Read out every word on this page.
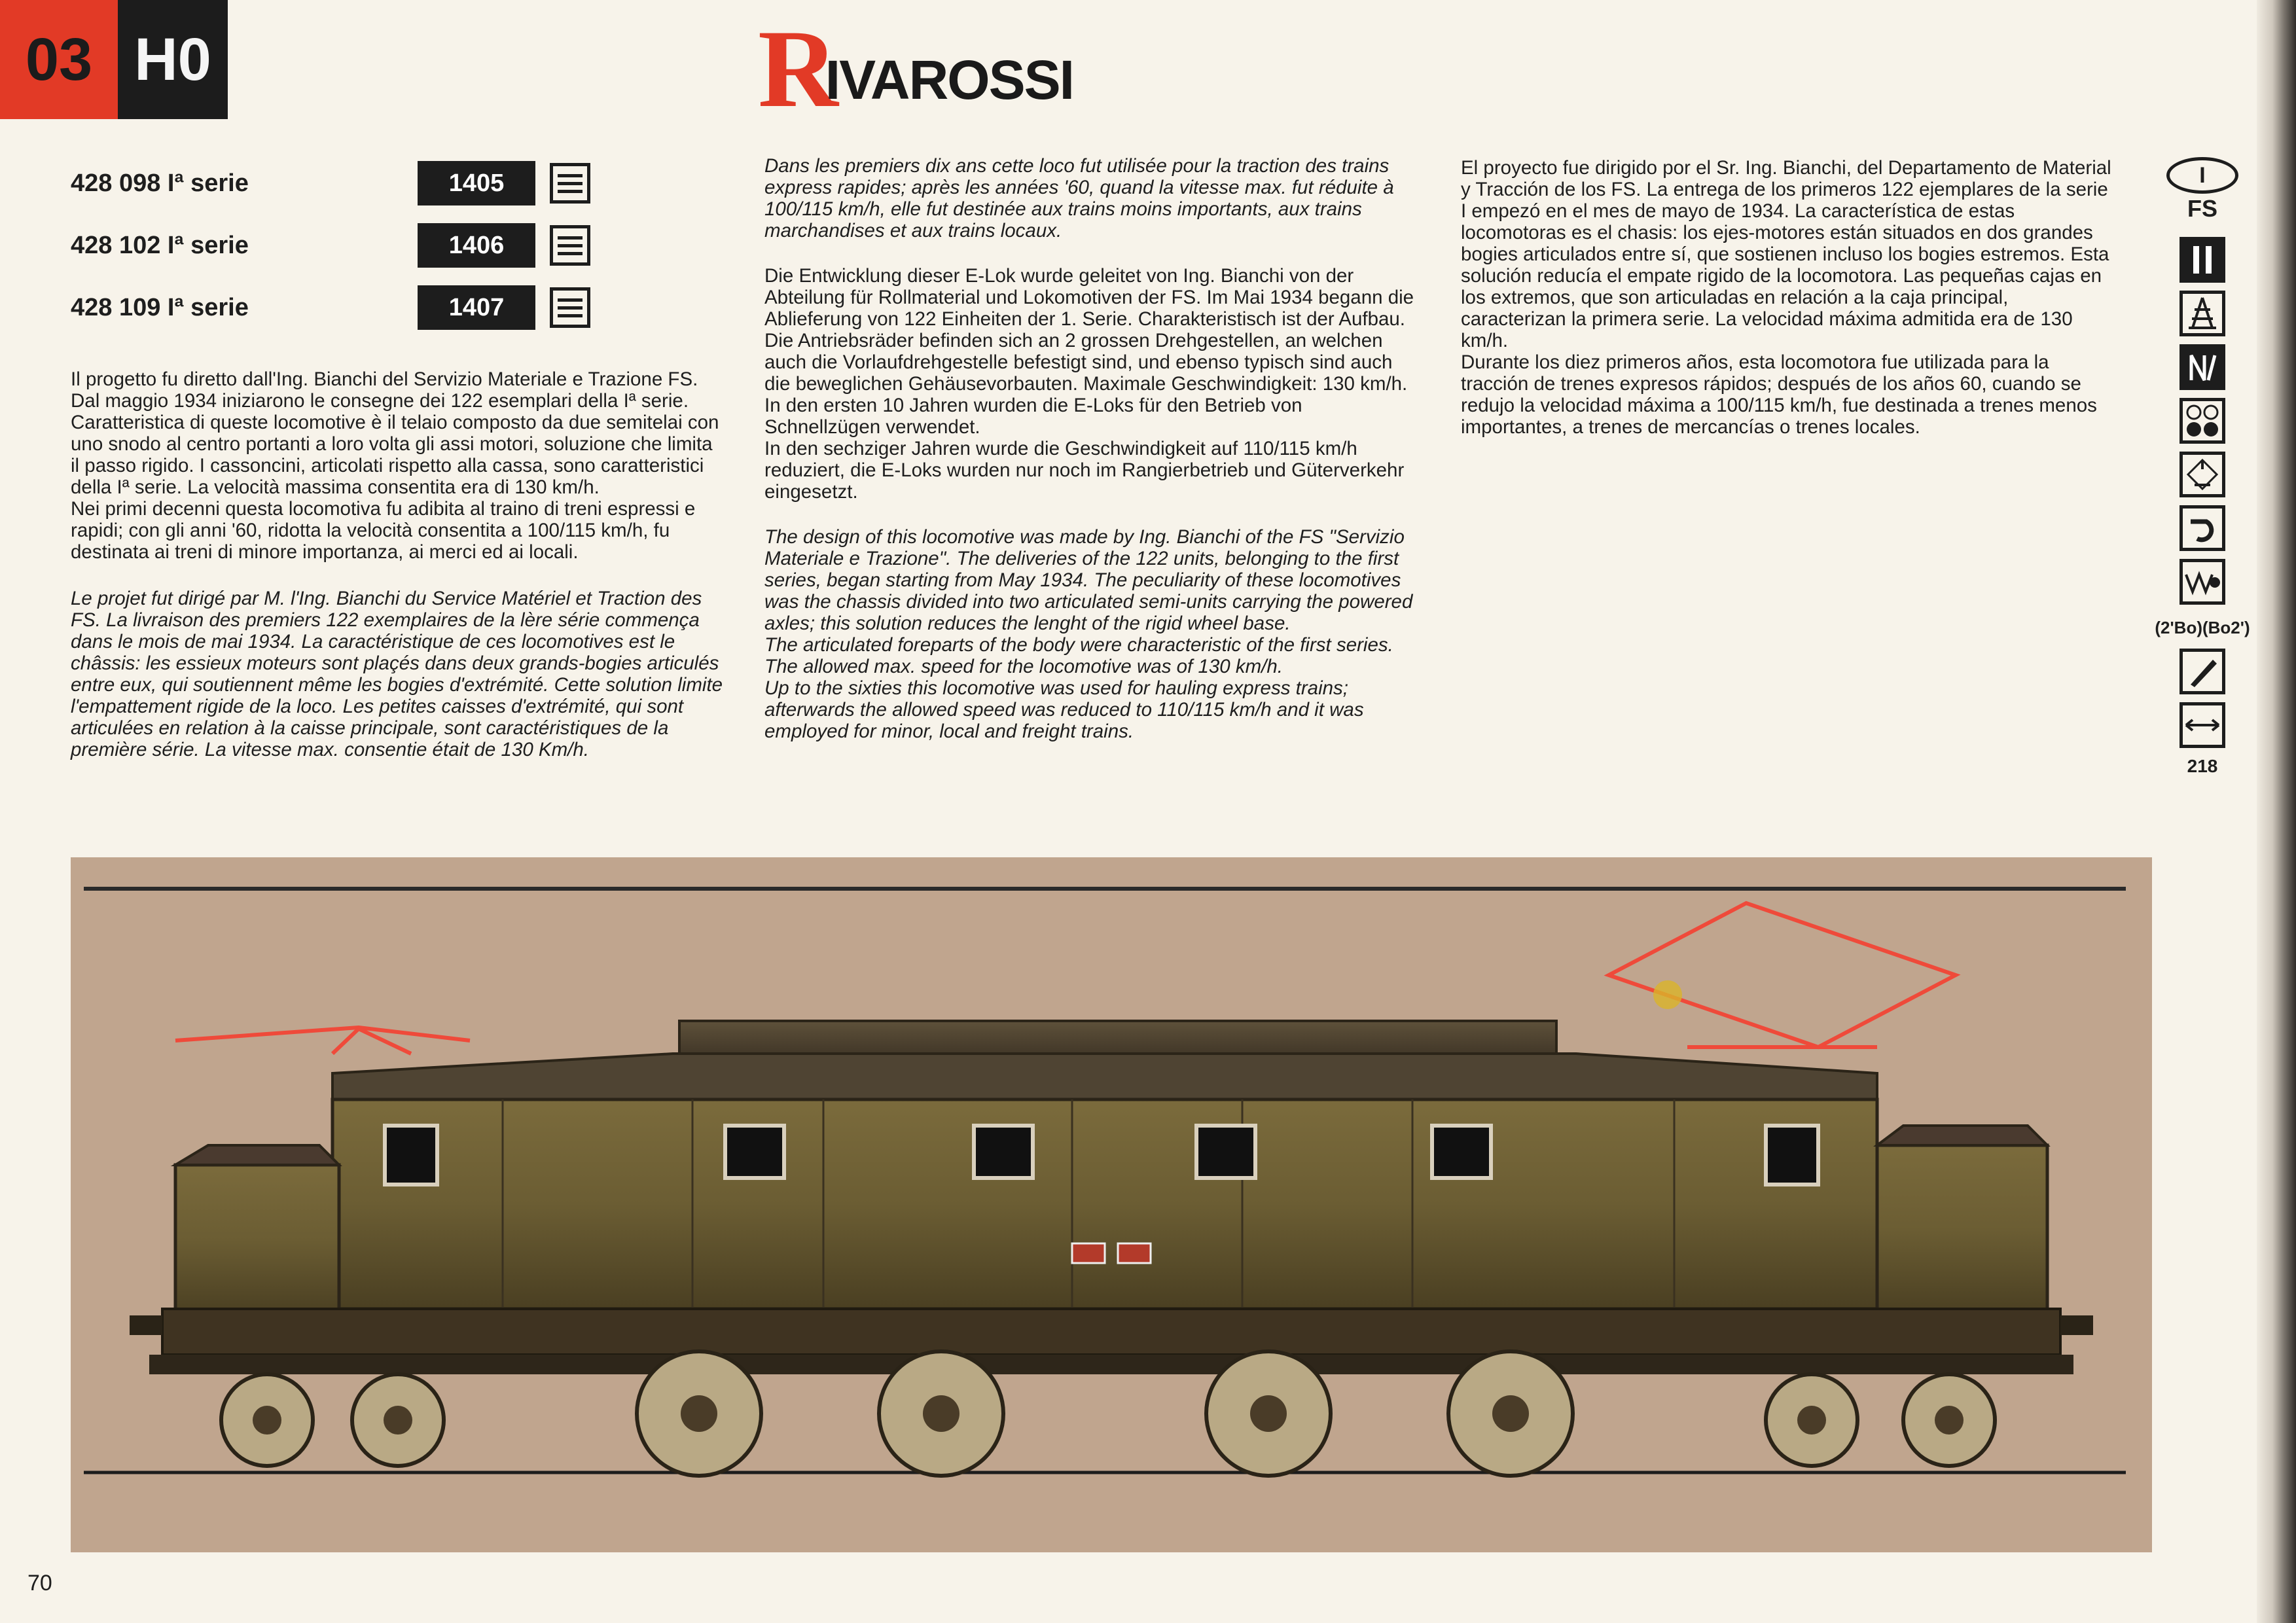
03 H0	R
IVAROSSI
428 098 Iª serie	1405
428 102 Iª serie	1406
428 109 Iª serie	1407

Il progetto fu diretto dall'Ing. Bianchi del Servizio Materiale e Trazione FS. Dal maggio 1934 iniziarono le consegne dei 122 esemplari della Iª serie. Caratteristica di queste locomotive è il telaio composto da due semitelai con uno snodo al centro portanti a loro volta gli assi motori, soluzione che limita il passo rigido. I cassoncini, articolati rispetto alla cassa, sono caratteristici della Iª serie. La velocità massima consentita era di 130 km/h.
Nei primi decenni questa locomotiva fu adibita al traino di treni espressi e rapidi; con gli anni '60, ridotta la velocità consentita a 100/115 km/h, fu destinata ai treni di minore importanza, ai merci ed ai locali.

Le projet fut dirigé par M. l'Ing. Bianchi du Service Matériel et Traction des FS. La livraison des premiers 122 exemplaires de la lère série commença dans le mois de mai 1934. La caractéristique de ces locomotives est le châssis: les essieux moteurs sont plaçés dans deux grands-bogies articulés entre eux, qui soutiennent même les bogies d'extrémité. Cette solution limite l'empattement rigide de la loco. Les petites caisses d'extrémité, qui sont articulées en relation à la caisse principale, sont caractéristiques de la première série. La vitesse max. consentie était de 130 Km/h.

Dans les premiers dix ans cette loco fut utilisée pour la traction des trains express rapides; après les années '60, quand la vitesse max. fut réduite à 100/115 km/h, elle fut destinée aux trains moins importants, aux trains marchandises et aux trains locaux.

Die Entwicklung dieser E-Lok wurde geleitet von Ing. Bianchi von der Abteilung für Rollmaterial und Lokomotiven der FS. Im Mai 1934 begann die Ablieferung von 122 Einheiten der 1. Serie. Charakteristisch ist der Aufbau. Die Antriebsräder befinden sich an 2 grossen Drehgestellen, an welchen auch die Vorlaufdrehgestelle befestigt sind, und ebenso typisch sind auch die beweglichen Gehäusevorbauten. Maximale Geschwindigkeit: 130 km/h.
In den ersten 10 Jahren wurden die E-Loks für den Betrieb von Schnellzügen verwendet.
In den sechziger Jahren wurde die Geschwindigkeit auf 110/115 km/h reduziert, die E-Loks wurden nur noch im Rangierbetrieb und Güterverkehr eingesetzt.

The design of this locomotive was made by Ing. Bianchi of the FS "Servizio Materiale e Trazione". The deliveries of the 122 units, belonging to the first series, began starting from May 1934. The peculiarity of these locomotives was the chassis divided into two articulated semi-units carrying the powered axles; this solution reduces the lenght of the rigid wheel base.
The articulated foreparts of the body were characteristic of the first series. The allowed max. speed for the locomotive was of 130 km/h.
Up to the sixties this locomotive was used for hauling express trains; afterwards the allowed speed was reduced to 110/115 km/h and it was employed for minor, local and freight trains.

El proyecto fue dirigido por el Sr. Ing. Bianchi, del Departamento de Material y Tracción de los FS. La entrega de los primeros 122 ejemplares de la serie I empezó en el mes de mayo de 1934. La característica de estas locomotoras es el chasis: los ejes-motores están situados en dos grandes bogies articulados entre sí, que sostienen incluso los bogies estremos. Esta solución reducía el empate rigido de la locomotora. Las pequeñas cajas en los extremos, que son articuladas en relación a la caja principal, caracterizan la primera serie. La velocidad máxima admitida era de 130 km/h.
Durante los diez primeros años, esta locomotora fue utilizada para la tracción de trenes expresos rápidos; después de los años 60, cuando se redujo la velocidad máxima a 100/115 km/h, fue destinada a trenes menos importantes, a trenes de mercancías o trenes locales.

I
FS
(2'Bo)(Bo2')
218
70
